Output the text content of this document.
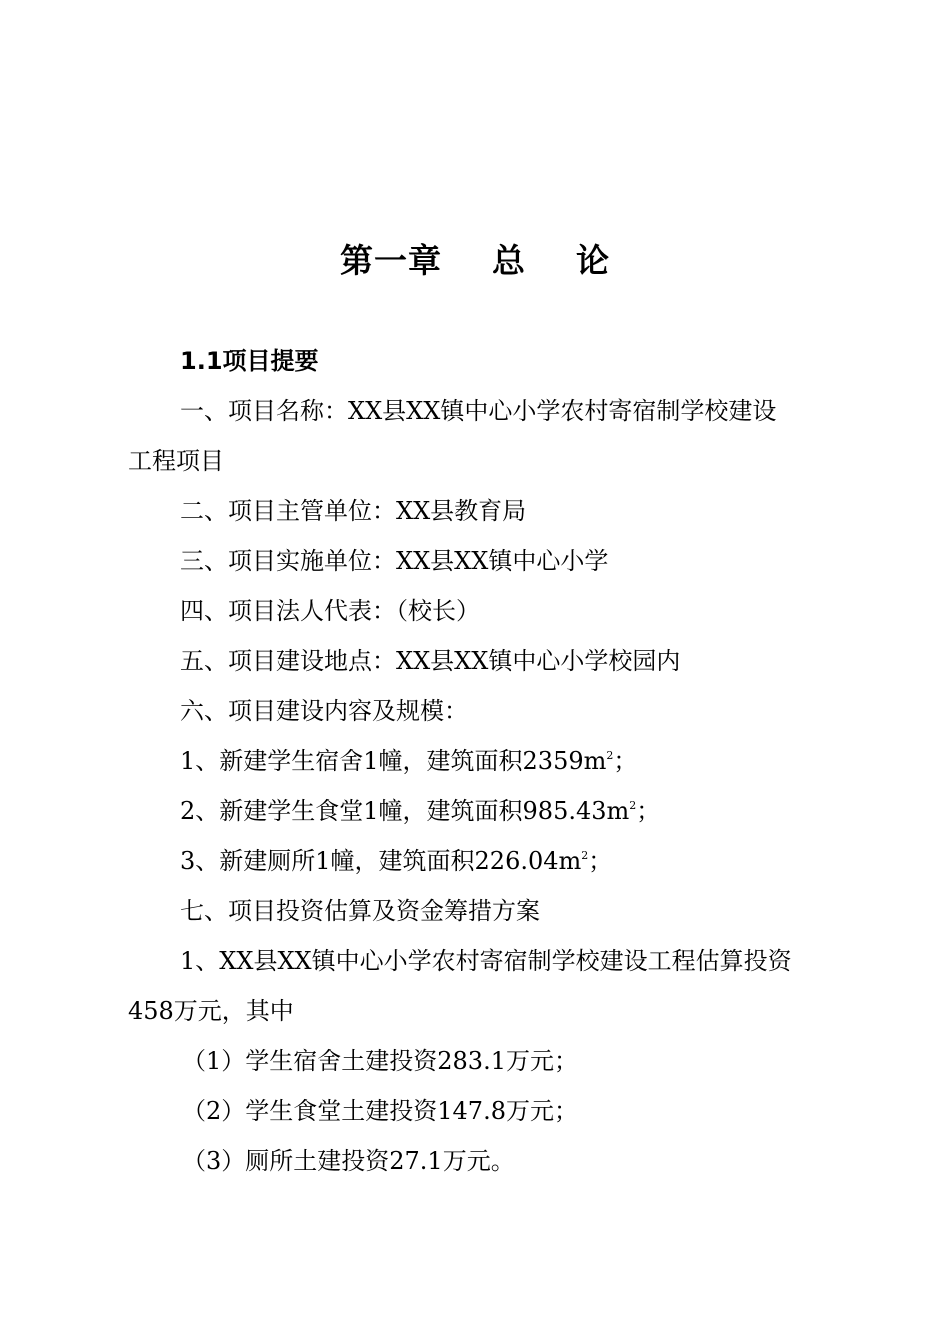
第一章    总    论
1.1项目提要
一、项目名称：XX县XX镇中心小学农村寄宿制学校建设
工程项目
二、项目主管单位：XX县教育局
三、项目实施单位：XX县XX镇中心小学
四、项目法人代表：（校长）
五、项目建设地点：XX县XX镇中心小学校园内
六、项目建设内容及规模：
1、新建学生宿舍1幢，建筑面积$2359m^2$；
2、新建学生食堂1幢，建筑面积$985.43m^2$；
3、新建厕所1幢，建筑面积$226.04m^2$；
七、项目投资估算及资金筹措方案
1、XX县XX镇中心小学农村寄宿制学校建设工程估算投资
458万元，其中
（1）学生宿舍土建投资283.1万元；
（2）学生食堂土建投资147.8万元；
（3）厕所土建投资27.1万元。
